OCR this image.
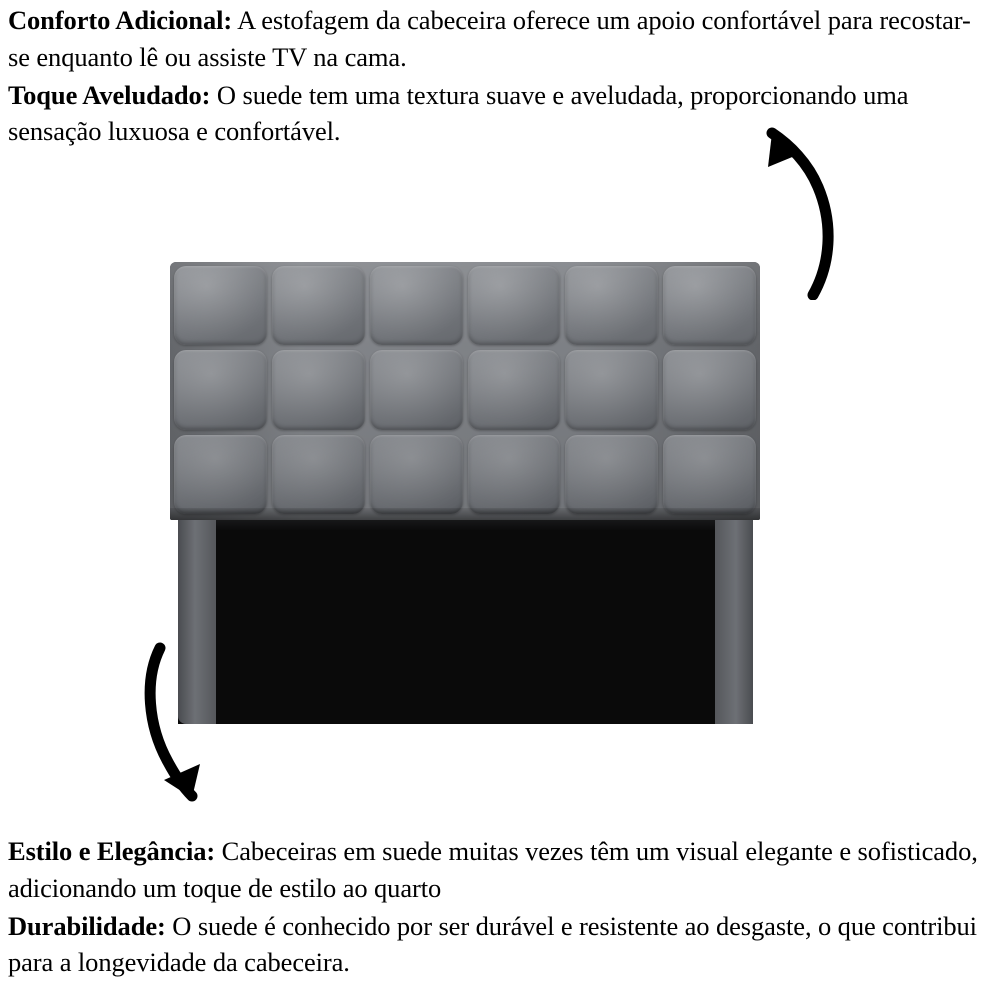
Conforto Adicional: A estofagem da cabeceira oferece um apoio confortável para recostar-se enquanto lê ou assiste TV na cama.

Toque Aveludado: O suede tem uma textura suave e aveludada, proporcionando uma sensação luxuosa e confortável.

Estilo e Elegância: Cabeceiras em suede muitas vezes têm um visual elegante e sofisticado, adicionando um toque de estilo ao quarto

Durabilidade: O suede é conhecido por ser durável e resistente ao desgaste, o que contribui para a longevidade da cabeceira.
